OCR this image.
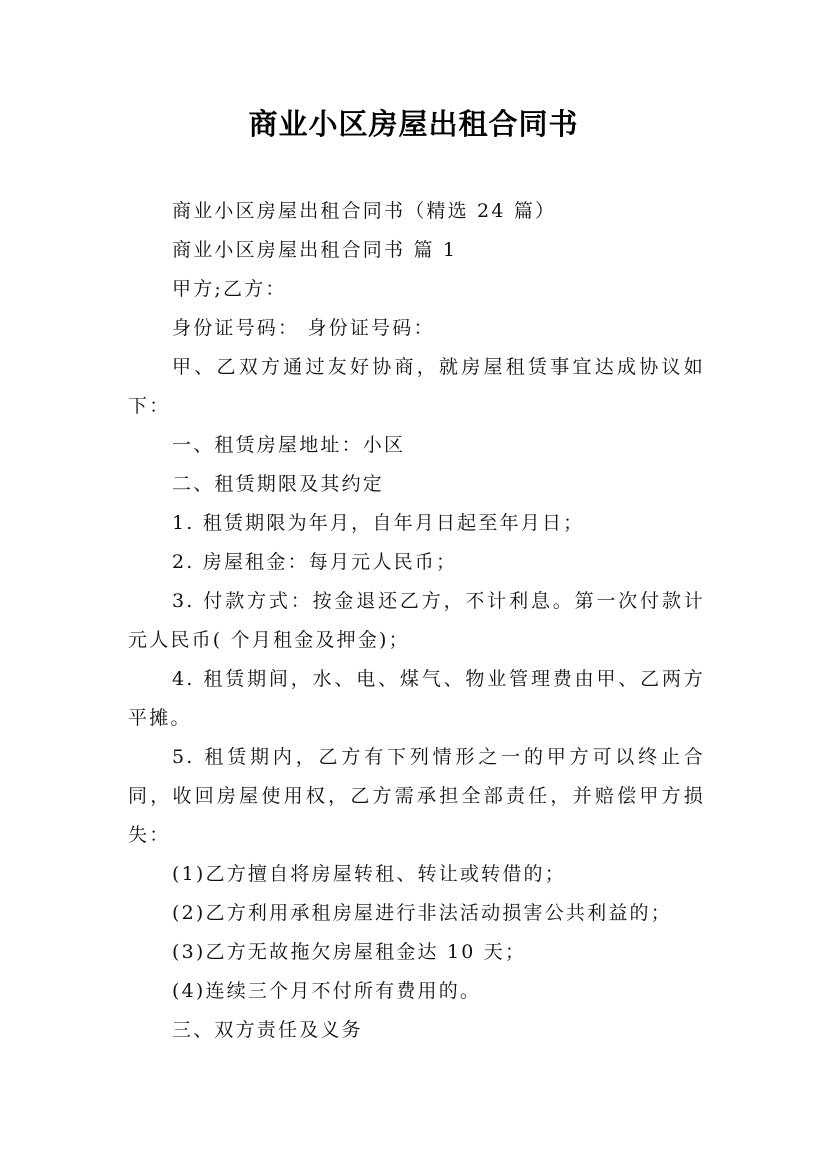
商业小区房屋出租合同书

商业小区房屋出租合同书（精选 24 篇）

商业小区房屋出租合同书 篇 1

甲方;乙方：

身份证号码： 身份证号码：

甲、乙双方通过友好协商，就房屋租赁事宜达成协议如下：

一、租赁房屋地址：小区

二、租赁期限及其约定

1. 租赁期限为年月，自年月日起至年月日；

2. 房屋租金：每月元人民币；

3. 付款方式：按金退还乙方，不计利息。第一次付款计 元人民币( 个月租金及押金)；

4. 租赁期间，水、电、煤气、物业管理费由甲、乙两方平摊。

5. 租赁期内，乙方有下列情形之一的甲方可以终止合同，收回房屋使用权，乙方需承担全部责任，并赔偿甲方损失：

(1)乙方擅自将房屋转租、转让或转借的；

(2)乙方利用承租房屋进行非法活动损害公共利益的；

(3)乙方无故拖欠房屋租金达 10 天；

(4)连续三个月不付所有费用的。

三、双方责任及义务
